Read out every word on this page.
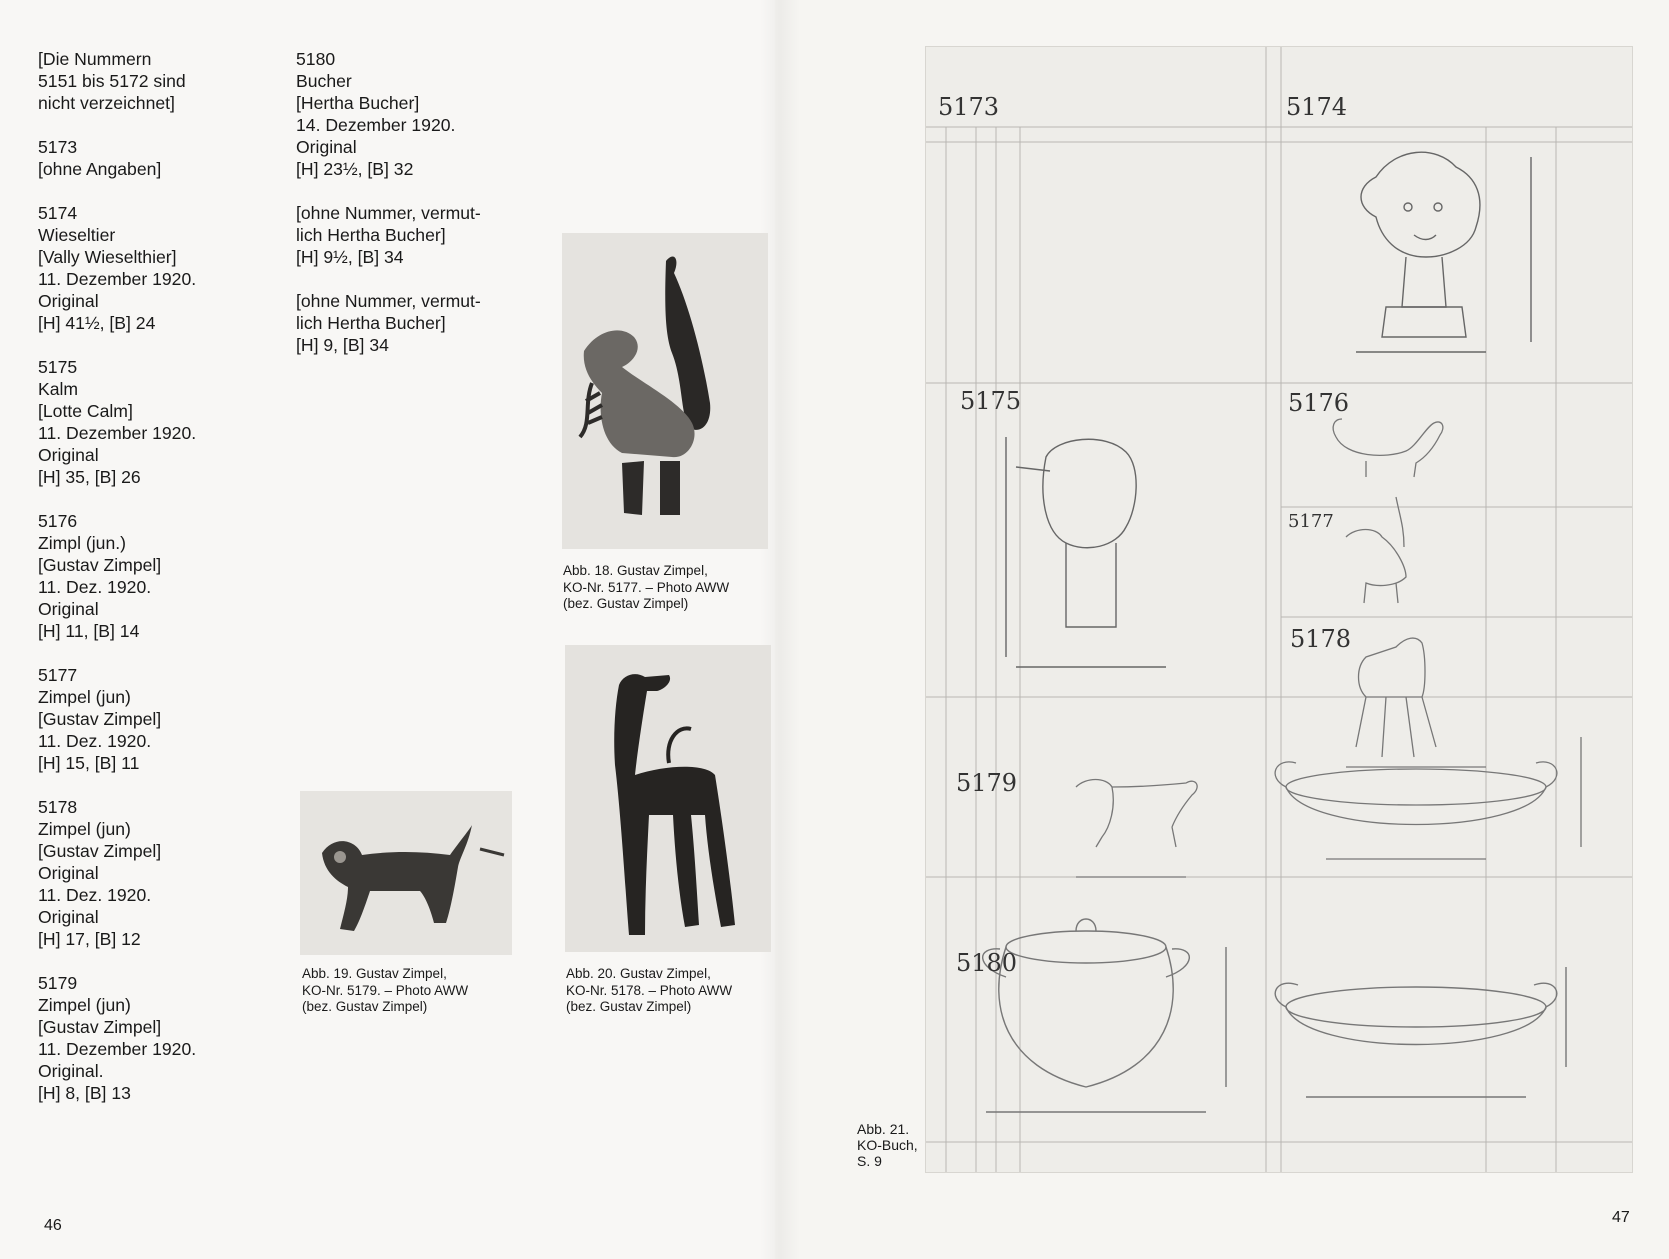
[Die Nummern
5151 bis 5172 sind
nicht verzeichnet]
5173
[ohne Angaben]
5174
Wieseltier
[Vally Wieselthier]
11. Dezember 1920.
Original
[H] 41½, [B] 24
5175
Kalm
[Lotte Calm]
11. Dezember 1920.
Original
[H] 35, [B] 26
5176
Zimpl (jun.)
[Gustav Zimpel]
11. Dez. 1920.
Original
[H] 11, [B] 14
5177
Zimpel (jun)
[Gustav Zimpel]
11. Dez. 1920.
[H] 15, [B] 11
5178
Zimpel (jun)
[Gustav Zimpel]
Original
11. Dez. 1920.
Original
[H] 17, [B] 12
5179
Zimpel (jun)
[Gustav Zimpel]
11. Dezember 1920.
Original.
[H] 8, [B] 13
5180
Bucher
[Hertha Bucher]
14. Dezember 1920.
Original
[H] 23½, [B] 32
[ohne Nummer, vermut-
lich Hertha Bucher]
[H] 9½, [B] 34
[ohne Nummer, vermut-
lich Hertha Bucher]
[H] 9, [B] 34
Abb. 18. Gustav Zimpel,
KO-Nr. 5177. – Photo AWW
(bez. Gustav Zimpel)
Abb. 19. Gustav Zimpel,
KO-Nr. 5179. – Photo AWW
(bez. Gustav Zimpel)
Abb. 20. Gustav Zimpel,
KO-Nr. 5178. – Photo AWW
(bez. Gustav Zimpel)
46
5173	5174
5175	5176
5177
5178
5179
5180
Abb. 21.
KO-Buch,
S. 9
47
